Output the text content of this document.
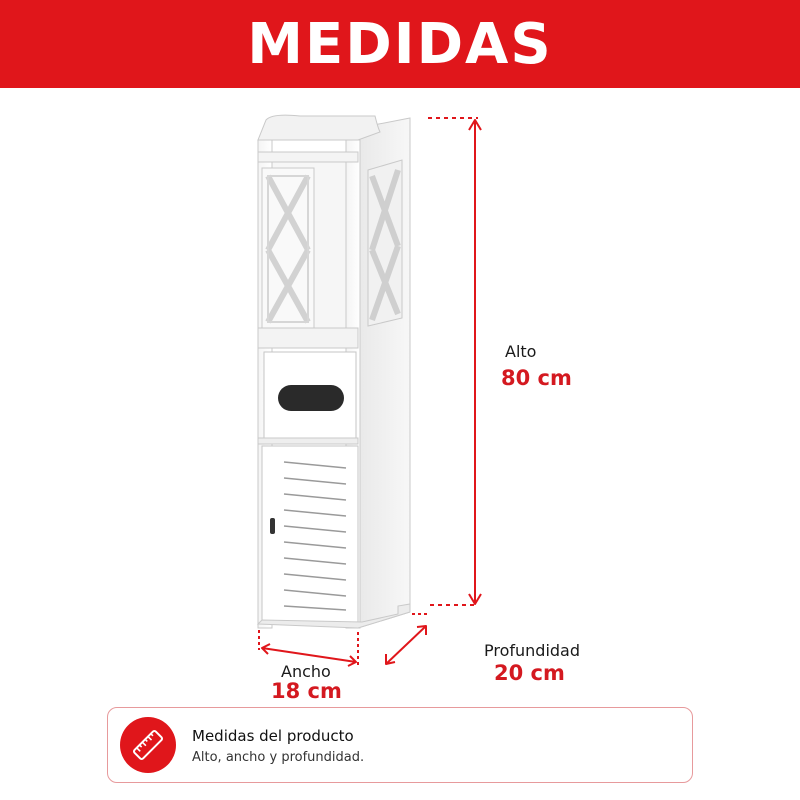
MEDIDAS
Alto
80 cm
Ancho
18 cm
Profundidad
20 cm
Medidas del producto
Alto, ancho y profundidad.
